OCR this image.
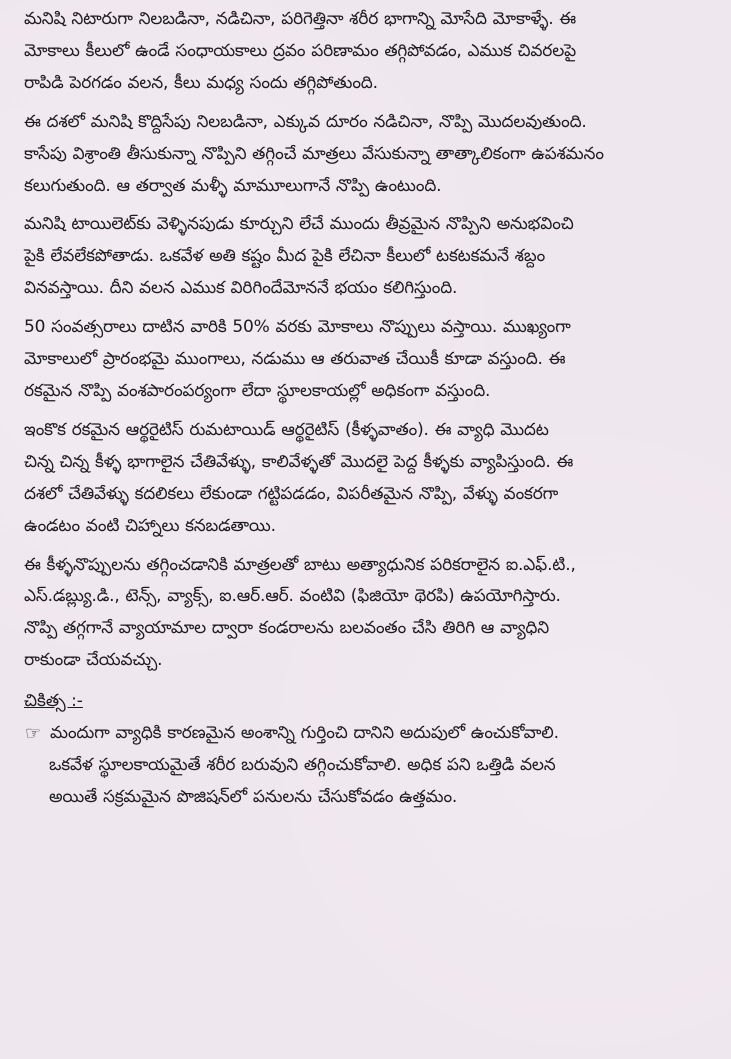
మనిషి నిటారుగా నిలబడినా, నడిచినా, పరిగెత్తినా శరీర భాగాన్ని మోసేది మోకాళ్ళే. ఈ
మోకాలు కీలులో ఉండే సంధాయకాలు ద్రవం పరిణామం తగ్గిపోవడం, ఎముక చివరలపై
రాపిడి పెరగడం వలన, కీలు మధ్య సందు తగ్గిపోతుంది.
ఈ దశలో మనిషి కొద్దిసేపు నిలబడినా, ఎక్కువ దూరం నడిచినా, నొప్పి మొదలవుతుంది.
కాసేపు విశ్రాంతి తీసుకున్నా నొప్పిని తగ్గించే మాత్రలు వేసుకున్నా తాత్కాలికంగా ఉపశమనం
కలుగుతుంది. ఆ తర్వాత మళ్ళీ మామూలుగానే నొప్పి ఉంటుంది.
మనిషి టాయిలెట్‌కు వెళ్ళినపుడు కూర్చుని లేచే ముందు తీవ్రమైన నొప్పిని అనుభవించి
పైకి లేవలేకపోతాడు. ఒకవేళ అతి కష్టం మీద పైకి లేచినా కీలులో టకటకమనే శబ్దం
వినవస్తాయి. దీని వలన ఎముక విరిగిందేమోననే భయం కలిగిస్తుంది.
50 సంవత్సరాలు దాటిన వారికి 50% వరకు మోకాలు నొప్పులు వస్తాయి. ముఖ్యంగా
మోకాలులో ప్రారంభమై ముంగాలు, నడుము ఆ తరువాత చేయికీ కూడా వస్తుంది. ఈ
రకమైన నొప్పి వంశపారంపర్యంగా లేదా స్థూలకాయల్లో అధికంగా వస్తుంది.
ఇంకొక రకమైన ఆర్థరైటిస్ రుమటాయిడ్ ఆర్థరైటిస్ (కీళ్ళవాతం). ఈ వ్యాధి మొదట
చిన్న చిన్న కీళ్ళ భాగాలైన చేతివేళ్ళు, కాలివేళ్ళతో మొదలై పెద్ద కీళ్ళకు వ్యాపిస్తుంది. ఈ
దశలో చేతివేళ్ళు కదలికలు లేకుండా గట్టిపడడం, విపరీతమైన నొప్పి, వేళ్ళు వంకరగా
ఉండటం వంటి చిహ్నాలు కనబడతాయి.
ఈ కీళ్ళనొప్పులను తగ్గించడానికి మాత్రలతో బాటు అత్యాధునిక పరికరాలైన ఐ.ఎఫ్.టి.,
ఎస్.డబ్ల్యు.డి., టెన్స్, వ్యాక్స్, ఐ.ఆర్.ఆర్. వంటివి (ఫిజియో థెరపి) ఉపయోగిస్తారు.
నొప్పి తగ్గగానే వ్యాయామాల ద్వారా కండరాలను బలవంతం చేసి తిరిగి ఆ వ్యాధిని
రాకుండా చేయవచ్చు.
చికిత్స :-
☞ మందుగా వ్యాధికి కారణమైన అంశాన్ని గుర్తించి దానిని అదుపులో ఉంచుకోవాలి.
ఒకవేళ స్థూలకాయమైతే శరీర బరువుని తగ్గించుకోవాలి. అధిక పని ఒత్తిడి వలన
అయితే సక్రమమైన పొజిషన్‌లో పనులను చేసుకోవడం ఉత్తమం.
